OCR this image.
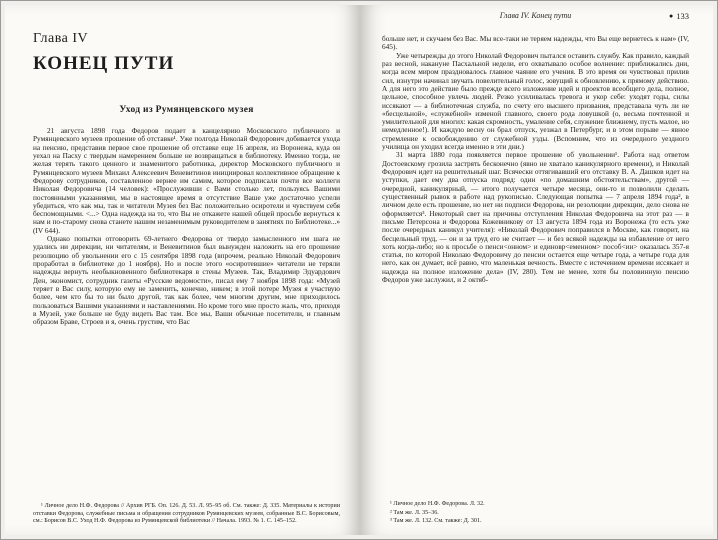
Глава IV
КОНЕЦ ПУТИ
Уход из Румянцевского музея

21 августа 1898 года Федоров подает в канцелярию Московского публичного и Румянцевского музеев прошение об отставке¹. Уже полгода Николай Федорович добивается ухода на пенсию, представив первое свое прошение об отставке еще 16 апреля, из Воронежа, куда он уехал на Пасху с твердым намерением больше не возвращаться в библиотеку. Именно тогда, не желая терять такого ценного и знаменитого работника, директор Московского публичного и Румянцевского музеев Михаил Алексеевич Веневитинов инициировал коллективное обращение к Федорову сотрудников, составленное вернее им самим, которое подписали почти все коллеги Николая Федоровича (14 человек): «Прослуживши с Вами столько лет, пользуясь Вашими постоянными указаниями, мы в настоящее время в отсутствие Ваше уже достаточно успели убедиться, что как мы, так и читатели Музея без Вас положительно осиротели и чувствуем себя беспомощными. <...> Одна надежда на то, что Вы не откажете нашей общей просьбе вернуться к нам и по-старому снова станете нашим незаменимым руководителем в занятиях по Библиотеке...» (IV 644).

Однако попытки отговорить 69-летнего Федорова от твердо замысленного им шага не удались ни дирекции, ни читателям, и Веневитинов был вынужден наложить на его прошение резолюцию об увольнении его с 15 сентября 1898 года (впрочем, реально Николай Федорович проработал в библиотеке до 1 ноября). Но и после этого «осиротевшие» читатели не теряли надежды вернуть необыкновенного библиотекаря в стены Музеев. Так, Владимир Эдуардович Ден, экономист, сотрудник газеты «Русские ведомости», писал ему 7 ноября 1898 года: «Музей теряет в Вас силу, которую ему не заменить, конечно, никем; в этой потере Музея я участвую более, чем кто бы то ни было другой, так как более, чем многим другим, мне приходилось пользоваться Вашими указаниями и наставлениями. Но кроме того мне просто жаль, что, приходя в Музей, уже больше не буду видеть Вас там. Все мы, Ваши обычные посетители, и главным образом Браве, Строев и я, очень грустим, что Вас

¹ Личное дело Н.Ф. Федорова // Архив РГБ. Оп. 126. Д. 53. Л. 95–95 об. См. также: Д. 335. Материалы к истории отставки Федорова, служебные письма и обращения сотрудников Румянцевских музеев, собранные В.С. Борисовым, см.: Борисов В.С. Уход Н.Ф. Федорова из Румянцевской библиотеки // Начала. 1993. № 1. С. 145–152.

Глава IV. Конец пути	● 133

больше нет, и скучаем без Вас. Мы все-таки не теряем надежды, что Вы еще вернетесь к нам» (IV, 645).

Уже четырежды до этого Николай Федорович пытался оставить службу. Как правило, каждый раз весной, накануне Пасхальной недели, его охватывало особое волнение: приближались дни, когда всем миром праздновалось главное чаяние его учения. В это время он чувствовал прилив сил, изнутри начинал звучать повелительный голос, зовущий к обновлению, к прямому действию. А для него это действие было прежде всего изложение идей и проектов всеобщего дела, полное, цельное, способное увлечь людей. Резко усиливалась тревога и укор себе: уходят годы, силы иссякают — а библиотечная служба, по счету его высшего призвания, представала чуть ли не «бесцельной», «служебной» изменой главного, своего рода ловушкой (о, весьма почтенной и умилительной для многих: какая скромность, умаление себя, служение ближнему, пусть малое, но немедленное!). И каждую весну он брал отпуск, уезжал в Петербург, и в этом порыве — явное стремление к освобождению от служебной узды. (Вспомним, что из очередного уездного училища он уходил всегда именно в эти дни.)

31 марта 1880 года появляется первое прошение об увольнении¹. Работа над ответом Достоевскому грозила застрять бесконечно (явно не хватало каникулярного времени), и Николай Федорович идет на решительный шаг. Всячески оттягивавший его отставку В. А. Дашков идет на уступки, дает ему два отпуска подряд: один «по домашним обстоятельствам», другой — очередной, каникулярный, — итого получается четыре месяца, они-то и позволили сделать существенный рывок в работе над рукописью. Следующая попытка — 7 апреля 1894 года², в личном деле есть прошение, но нет ни подписи Федорова, ни резолюции дирекции, дело снова не оформляется³. Некоторый свет на причины отступления Николая Федоровича на этот раз — в письме Петерсона и Федорова Кожевникову от 13 августа 1894 года из Воронежа (то есть уже после очередных каникул учителя): «Николай Федорович поправился в Москве, как говорит, на бесцельный труд, — он и за труд его не считает — и без всякой надежды на избавление от него хоть когда-либо; но к просьбе о пенси<онном> и единовр<еменном> пособ<ии> оказалась 357-я статья, по которой Николаю Федоровичу до пенсии остается еще четыре года, а четыре года для него, как он думает, всё равно, что маленькая вечность. Вместе с истечением времени иссякает и надежда на полное изложение дела» (IV, 280). Тем не менее, хотя бы половинную пенсию Федоров уже заслужил, и 2 октяб-

¹ Личное дело Н.Ф. Федорова. Л. 32.

² Там же. Л. 35–36.

³ Там же. Л. 132. См. также: Д. 301.
